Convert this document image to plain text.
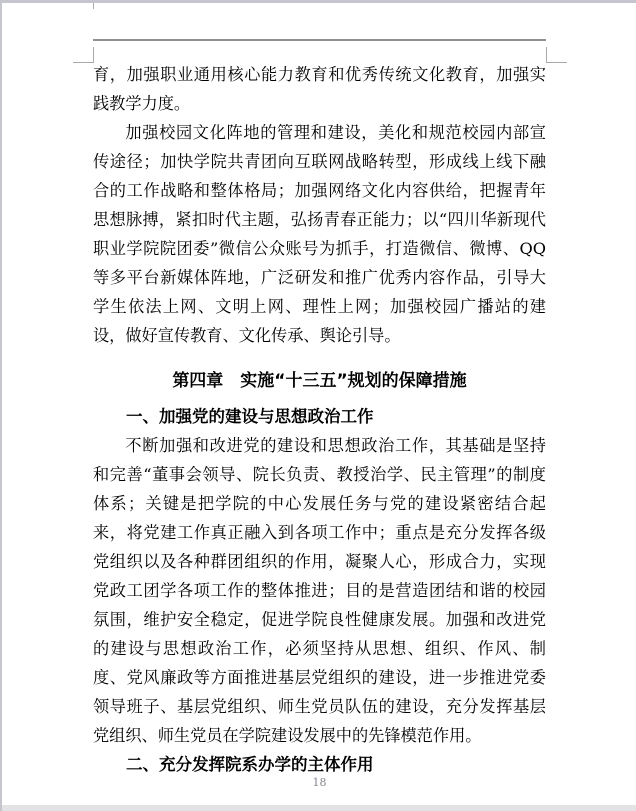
育，加强职业通用核心能力教育和优秀传统文化教育，加强实践教学力度。

加强校园文化阵地的管理和建设，美化和规范校园内部宣传途径；加快学院共青团向互联网战略转型，形成线上线下融合的工作战略和整体格局；加强网络文化内容供给，把握青年思想脉搏，紧扣时代主题，弘扬青春正能力；以“四川华新现代职业学院院团委”微信公众账号为抓手，打造微信、微博、QQ 等多平台新媒体阵地，广泛研发和推广优秀内容作品，引导大学生依法上网、文明上网、理性上网；加强校园广播站的建设，做好宣传教育、文化传承、舆论引导。

第四章　实施“十三五”规划的保障措施

一、加强党的建设与思想政治工作

不断加强和改进党的建设和思想政治工作，其基础是坚持和完善“董事会领导、院长负责、教授治学、民主管理”的制度体系；关键是把学院的中心发展任务与党的建设紧密结合起来，将党建工作真正融入到各项工作中；重点是充分发挥各级党组织以及各种群团组织的作用，凝聚人心，形成合力，实现党政工团学各项工作的整体推进；目的是营造团结和谐的校园氛围，维护安全稳定，促进学院良性健康发展。加强和改进党的建设与思想政治工作，必须坚持从思想、组织、作风、制度、党风廉政等方面推进基层党组织的建设，进一步推进党委领导班子、基层党组织、师生党员队伍的建设，充分发挥基层党组织、师生党员在学院建设发展中的先锋模范作用。

二、充分发挥院系办学的主体作用

18
